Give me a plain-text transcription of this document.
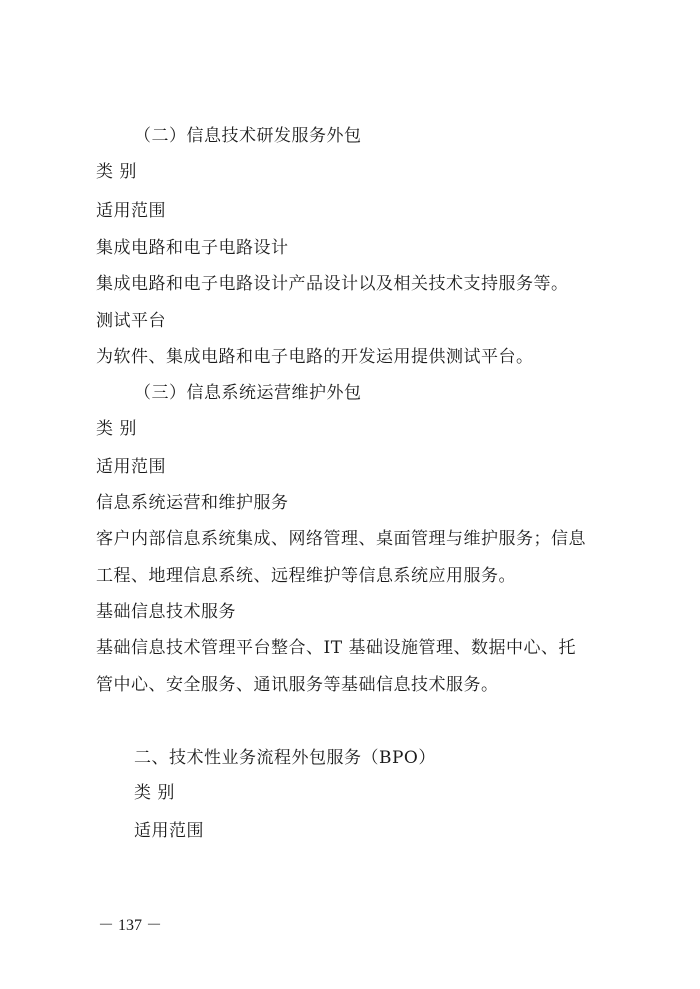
（二）信息技术研发服务外包
类 别
适用范围
集成电路和电子电路设计
集成电路和电子电路设计产品设计以及相关技术支持服务等。
测试平台
为软件、集成电路和电子电路的开发运用提供测试平台。
（三）信息系统运营维护外包
类 别
适用范围
信息系统运营和维护服务
客户内部信息系统集成、网络管理、桌面管理与维护服务；信息
工程、地理信息系统、远程维护等信息系统应用服务。
基础信息技术服务
基础信息技术管理平台整合、IT 基础设施管理、数据中心、托
管中心、安全服务、通讯服务等基础信息技术服务。
二、技术性业务流程外包服务（BPO）
类 别
适用范围
－ 137 －
